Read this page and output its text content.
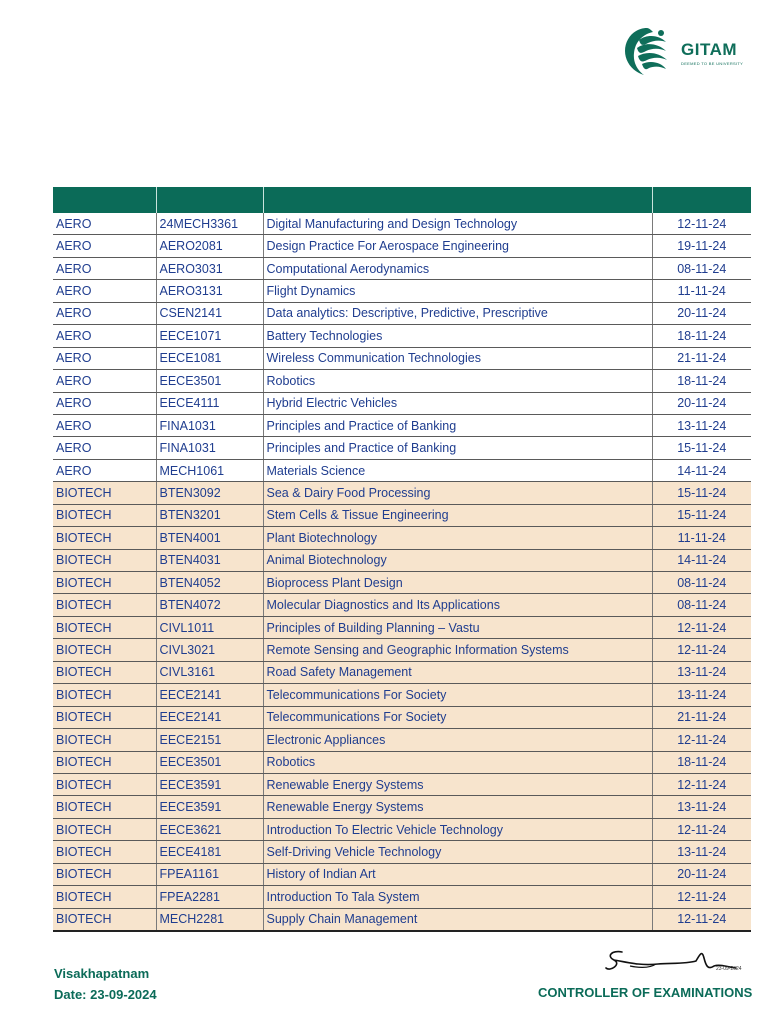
GITAM
DEEMED TO BE UNIVERSITY

AERO	24MECH3361	Digital Manufacturing and Design Technology	12-11-24
AERO	AERO2081	Design Practice For Aerospace Engineering	19-11-24
AERO	AERO3031	Computational Aerodynamics	08-11-24
AERO	AERO3131	Flight Dynamics	11-11-24
AERO	CSEN2141	Data analytics: Descriptive, Predictive, Prescriptive	20-11-24
AERO	EECE1071	Battery Technologies	18-11-24
AERO	EECE1081	Wireless Communication Technologies	21-11-24
AERO	EECE3501	Robotics	18-11-24
AERO	EECE4111	Hybrid Electric Vehicles	20-11-24
AERO	FINA1031	Principles and Practice of Banking	13-11-24
AERO	FINA1031	Principles and Practice of Banking	15-11-24
AERO	MECH1061	Materials Science	14-11-24
BIOTECH	BTEN3092	Sea & Dairy Food Processing	15-11-24
BIOTECH	BTEN3201	Stem Cells & Tissue Engineering	15-11-24
BIOTECH	BTEN4001	Plant Biotechnology	11-11-24
BIOTECH	BTEN4031	Animal Biotechnology	14-11-24
BIOTECH	BTEN4052	Bioprocess Plant Design	08-11-24
BIOTECH	BTEN4072	Molecular Diagnostics and Its Applications	08-11-24
BIOTECH	CIVL1011	Principles of Building Planning – Vastu	12-11-24
BIOTECH	CIVL3021	Remote Sensing and Geographic Information Systems	12-11-24
BIOTECH	CIVL3161	Road Safety Management	13-11-24
BIOTECH	EECE2141	Telecommunications For Society	13-11-24
BIOTECH	EECE2141	Telecommunications For Society	21-11-24
BIOTECH	EECE2151	Electronic Appliances	12-11-24
BIOTECH	EECE3501	Robotics	18-11-24
BIOTECH	EECE3591	Renewable Energy Systems	12-11-24
BIOTECH	EECE3591	Renewable Energy Systems	13-11-24
BIOTECH	EECE3621	Introduction To Electric Vehicle Technology	12-11-24
BIOTECH	EECE4181	Self-Driving Vehicle Technology	13-11-24
BIOTECH	FPEA1161	History of Indian Art	20-11-24
BIOTECH	FPEA2281	Introduction To Tala System	12-11-24
BIOTECH	MECH2281	Supply Chain Management	12-11-24
Visakhapatnam
Date: 23-09-2024
23-09-2024
CONTROLLER OF EXAMINATIONS
